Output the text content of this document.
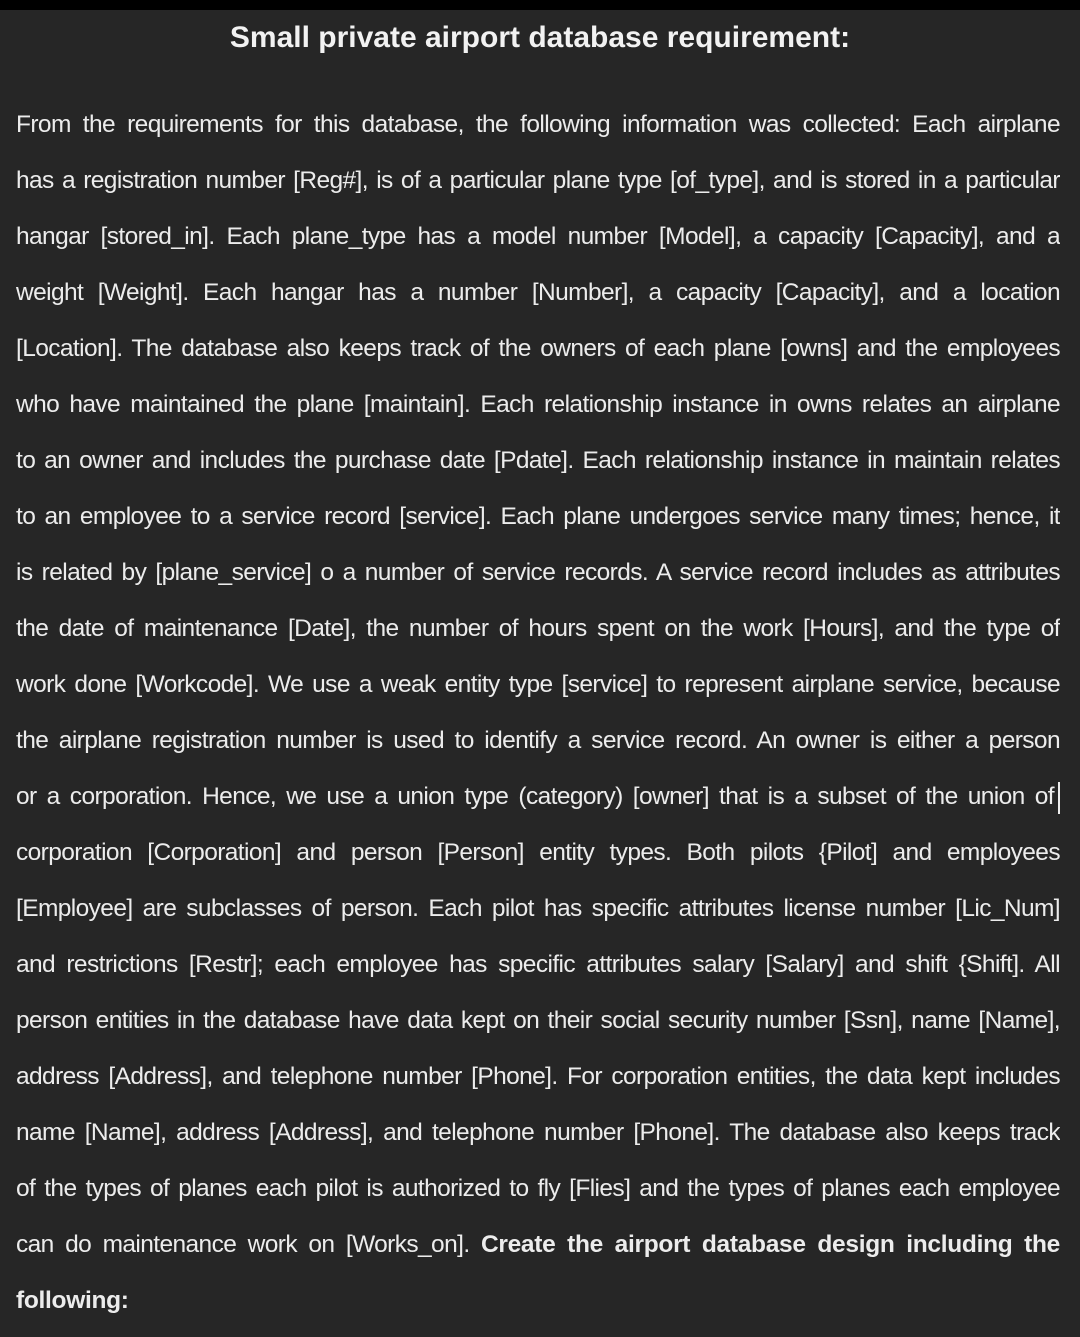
Small private airport database requirement:
From the requirements for this database, the following information was collected: Each airplane
has a registration number [Reg#], is of a particular plane type [of_type], and is stored in a particular
hangar [stored_in]. Each plane_type has a model number [Model], a capacity [Capacity], and a
weight [Weight]. Each hangar has a number [Number], a capacity [Capacity], and a location
[Location]. The database also keeps track of the owners of each plane [owns] and the employees
who have maintained the plane [maintain]. Each relationship instance in owns relates an airplane
to an owner and includes the purchase date [Pdate]. Each relationship instance in maintain relates
to an employee to a service record [service]. Each plane undergoes service many times; hence, it
is related by [plane_service] o a number of service records. A service record includes as attributes
the date of maintenance [Date], the number of hours spent on the work [Hours], and the type of
work done [Workcode]. We use a weak entity type [service] to represent airplane service, because
the airplane registration number is used to identify a service record. An owner is either a person
or a corporation. Hence, we use a union type (category) [owner] that is a subset of the union of
corporation [Corporation] and person [Person] entity types. Both pilots {Pilot] and employees
[Employee] are subclasses of person. Each pilot has specific attributes license number [Lic_Num]
and restrictions [Restr]; each employee has specific attributes salary [Salary] and shift {Shift]. All
person entities in the database have data kept on their social security number [Ssn], name [Name],
address [Address], and telephone number [Phone]. For corporation entities, the data kept includes
name [Name], address [Address], and telephone number [Phone]. The database also keeps track
of the types of planes each pilot is authorized to fly [Flies] and the types of planes each employee
can do maintenance work on [Works_on]. Create the airport database design including the
following:
